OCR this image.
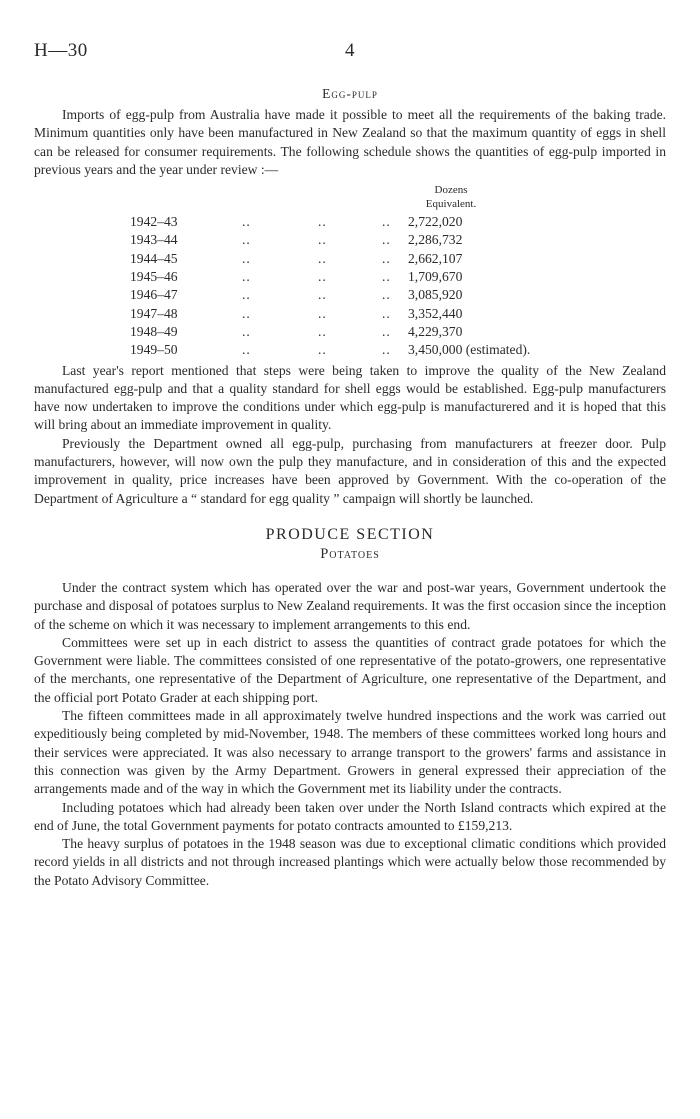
H—30	4
Egg-pulp

Imports of egg-pulp from Australia have made it possible to meet all the requirements of the baking trade. Minimum quantities only have been manufactured in New Zealand so that the maximum quantity of eggs in shell can be released for consumer requirements. The following schedule shows the quantities of egg-pulp imported in previous years and the year under review :—

Dozens
Equivalent.
1942–43	..	..	.. 2,722,020
1943–44	..	..	.. 2,286,732
1944–45	..	..	.. 2,662,107
1945–46	..	..	.. 1,709,670
1946–47	..	..	.. 3,085,920
1947–48	..	..	.. 3,352,440
1948–49	..	..	.. 4,229,370
1949–50	..	..	.. 3,450,000 (estimated).

Last year's report mentioned that steps were being taken to improve the quality of the New Zealand manufactured egg-pulp and that a quality standard for shell eggs would be established. Egg-pulp manufacturers have now undertaken to improve the conditions under which egg-pulp is manufacturered and it is hoped that this will bring about an immediate improvement in quality.

Previously the Department owned all egg-pulp, purchasing from manufacturers at freezer door. Pulp manufacturers, however, will now own the pulp they manufacture, and in consideration of this and the expected improvement in quality, price increases have been approved by Government. With the co-operation of the Department of Agriculture a “ standard for egg quality ” campaign will shortly be launched.

PRODUCE SECTION
Potatoes

Under the contract system which has operated over the war and post-war years, Government undertook the purchase and disposal of potatoes surplus to New Zealand requirements. It was the first occasion since the inception of the scheme on which it was necessary to implement arrangements to this end.

Committees were set up in each district to assess the quantities of contract grade potatoes for which the Government were liable. The committees consisted of one representative of the potato-growers, one representative of the merchants, one representative of the Department of Agriculture, one representative of the Department, and the official port Potato Grader at each shipping port.

The fifteen committees made in all approximately twelve hundred inspections and the work was carried out expeditiously being completed by mid-November, 1948. The members of these committees worked long hours and their services were appreciated. It was also necessary to arrange transport to the growers' farms and assistance in this connection was given by the Army Department. Growers in general expressed their appreciation of the arrangements made and of the way in which the Government met its liability under the contracts.

Including potatoes which had already been taken over under the North Island contracts which expired at the end of June, the total Government payments for potato contracts amounted to £159,213.

The heavy surplus of potatoes in the 1948 season was due to exceptional climatic conditions which provided record yields in all districts and not through increased plantings which were actually below those recommended by the Potato Advisory Committee.
